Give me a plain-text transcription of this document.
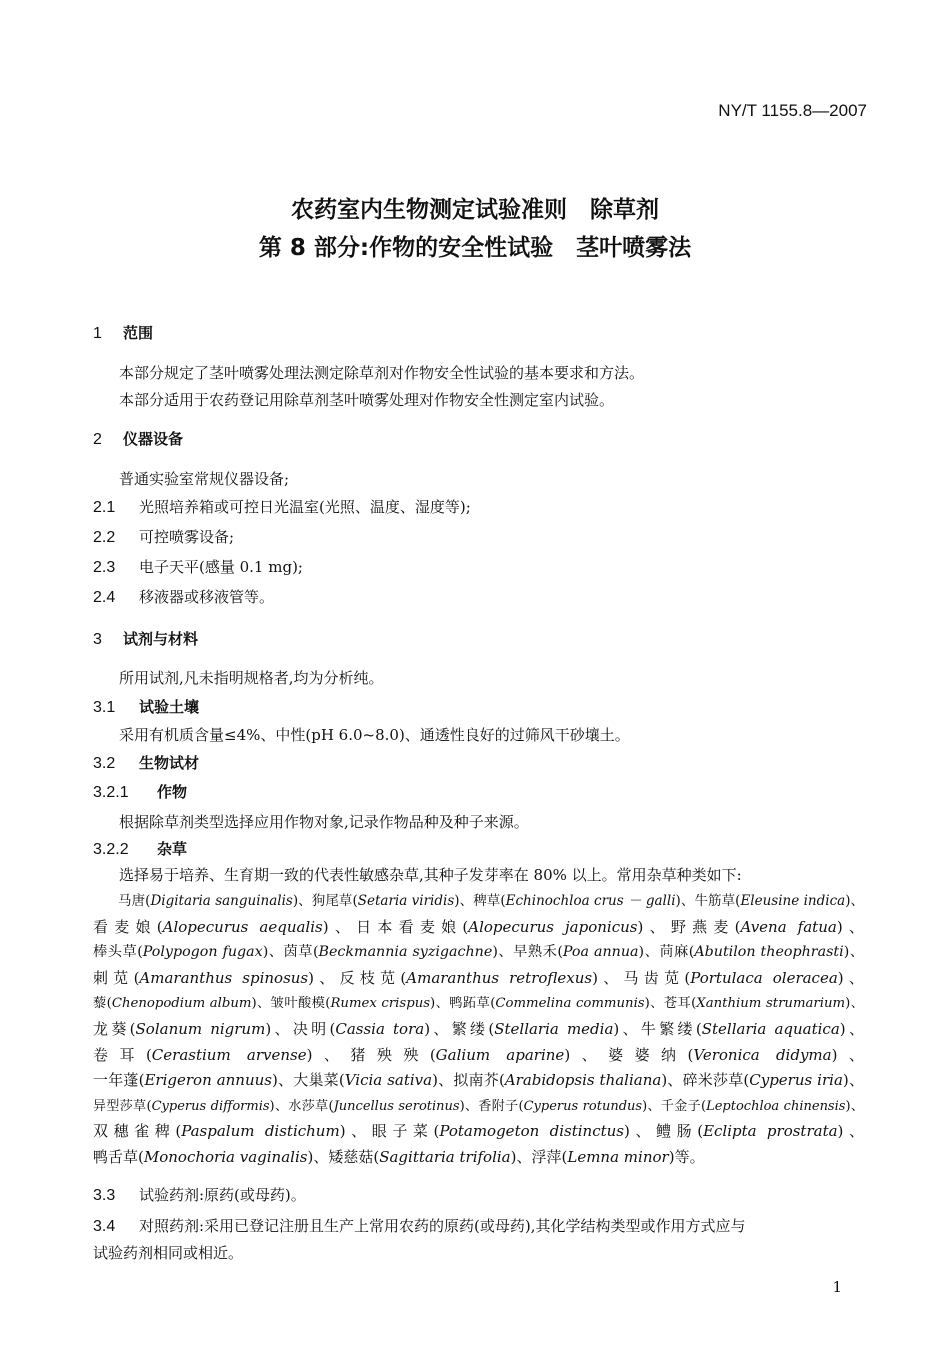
NY/T 1155.8—2007
农药室内生物测定试验准则　除草剂
第 8 部分:作物的安全性试验　茎叶喷雾法
1 范围
本部分规定了茎叶喷雾处理法测定除草剂对作物安全性试验的基本要求和方法。
本部分适用于农药登记用除草剂茎叶喷雾处理对作物安全性测定室内试验。
2 仪器设备
普通实验室常规仪器设备;
2.1 光照培养箱或可控日光温室(光照、温度、湿度等);
2.2 可控喷雾设备;
2.3 电子天平(感量 0.1 mg);
2.4 移液器或移液管等。
3 试剂与材料
所用试剂,凡未指明规格者,均为分析纯。
3.1 试验土壤
采用有机质含量≤4%、中性(pH 6.0~8.0)、通透性良好的过筛风干砂壤土。
3.2 生物试材
3.2.1 作物
根据除草剂类型选择应用作物对象,记录作物品种及种子来源。
3.2.2 杂草
选择易于培养、生育期一致的代表性敏感杂草,其种子发芽率在 80% 以上。常用杂草种类如下:
马唐(Digitaria sanguinalis)、狗尾草(Setaria viridis)、稗草(Echinochloa crus － galli)、牛筋草(Eleusine indica)、
看麦娘(Alopecurus aequalis)、日本看麦娘(Alopecurus japonicus)、野燕麦(Avena fatua)、
棒头草(Polypogon fugax)、茵草(Beckmannia syzigachne)、早熟禾(Poa annua)、苘麻(Abutilon theophrasti)、
刺苋(Amaranthus spinosus)、反枝苋(Amaranthus retroflexus)、马齿苋(Portulaca oleracea)、
藜(Chenopodium album)、皱叶酸模(Rumex crispus)、鸭跖草(Commelina communis)、苍耳(Xanthium strumarium)、
龙葵(Solanum nigrum)、决明(Cassia tora)、繁缕(Stellaria media)、牛繁缕(Stellaria aquatica)、
卷耳(Cerastium arvense)、猪殃殃(Galium aparine)、婆婆纳(Veronica didyma)、
一年蓬(Erigeron annuus)、大巢菜(Vicia sativa)、拟南芥(Arabidopsis thaliana)、碎米莎草(Cyperus iria)、
异型莎草(Cyperus difformis)、水莎草(Juncellus serotinus)、香附子(Cyperus rotundus)、千金子(Leptochloa chinensis)、
双穗雀稗(Paspalum distichum)、眼子菜(Potamogeton distinctus)、鳢肠(Eclipta prostrata)、
鸭舌草(Monochoria vaginalis)、矮慈菇(Sagittaria trifolia)、浮萍(Lemna minor)等。
3.3 试验药剂:原药(或母药)。
3.4 对照药剂:采用已登记注册且生产上常用农药的原药(或母药),其化学结构类型或作用方式应与
试验药剂相同或相近。
1
